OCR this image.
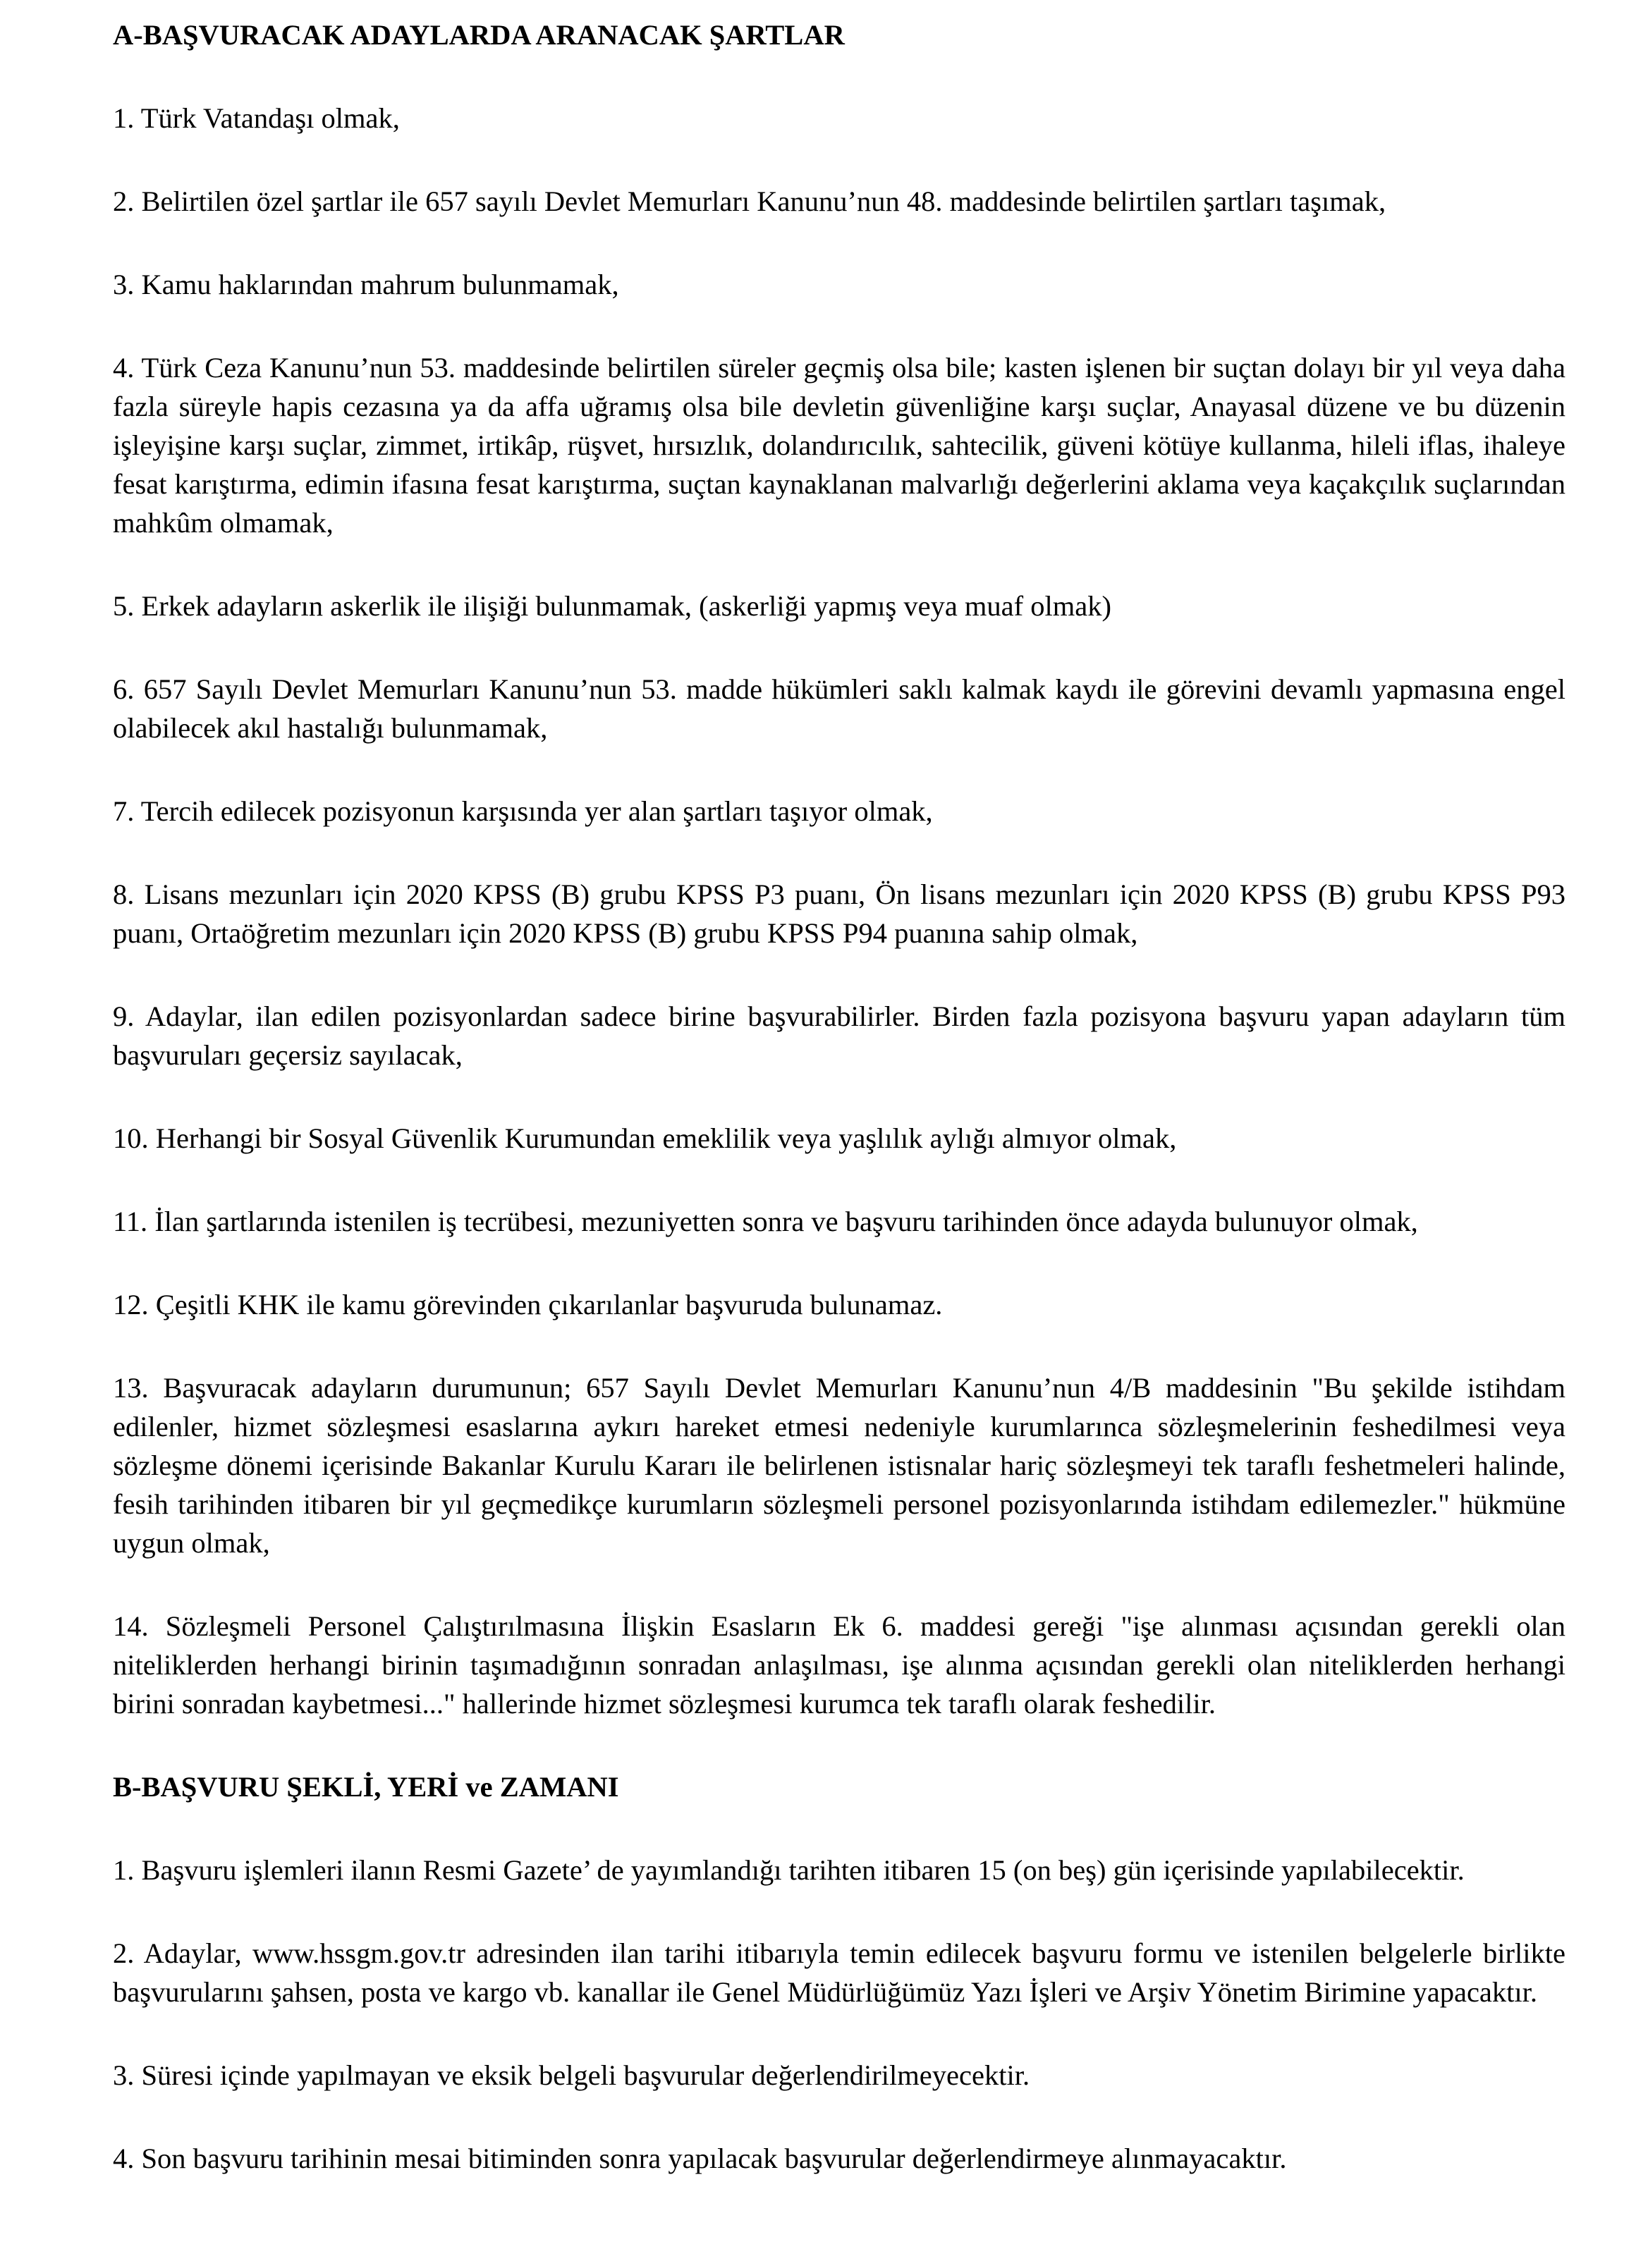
A-BAŞVURACAK ADAYLARDA ARANACAK ŞARTLAR
1. Türk Vatandaşı olmak,
2. Belirtilen özel şartlar ile 657 sayılı Devlet Memurları Kanunu’nun 48. maddesinde belirtilen şartları taşımak,
3. Kamu haklarından mahrum bulunmamak,
4. Türk Ceza Kanunu’nun 53. maddesinde belirtilen süreler geçmiş olsa bile; kasten işlenen bir suçtan dolayı bir yıl veya daha fazla süreyle hapis cezasına ya da affa uğramış olsa bile devletin güvenliğine karşı suçlar, Anayasal düzene ve bu düzenin işleyişine karşı suçlar, zimmet, irtikâp, rüşvet, hırsızlık, dolandırıcılık, sahtecilik, güveni kötüye kullanma, hileli iflas, ihaleye fesat karıştırma, edimin ifasına fesat karıştırma, suçtan kaynaklanan malvarlığı değerlerini aklama veya kaçakçılık suçlarından mahkûm olmamak,
5. Erkek adayların askerlik ile ilişiği bulunmamak, (askerliği yapmış veya muaf olmak)
6. 657 Sayılı Devlet Memurları Kanunu’nun 53. madde hükümleri saklı kalmak kaydı ile görevini devamlı yapmasına engel olabilecek akıl hastalığı bulunmamak,
7. Tercih edilecek pozisyonun karşısında yer alan şartları taşıyor olmak,
8. Lisans mezunları için 2020 KPSS (B) grubu KPSS P3 puanı, Ön lisans mezunları için 2020 KPSS (B) grubu KPSS P93 puanı, Ortaöğretim mezunları için 2020 KPSS (B) grubu KPSS P94 puanına sahip olmak,
9. Adaylar, ilan edilen pozisyonlardan sadece birine başvurabilirler. Birden fazla pozisyona başvuru yapan adayların tüm başvuruları geçersiz sayılacak,
10. Herhangi bir Sosyal Güvenlik Kurumundan emeklilik veya yaşlılık aylığı almıyor olmak,
11. İlan şartlarında istenilen iş tecrübesi, mezuniyetten sonra ve başvuru tarihinden önce adayda bulunuyor olmak,
12. Çeşitli KHK ile kamu görevinden çıkarılanlar başvuruda bulunamaz.
13. Başvuracak adayların durumunun; 657 Sayılı Devlet Memurları Kanunu’nun 4/B maddesinin "Bu şekilde istihdam edilenler, hizmet sözleşmesi esaslarına aykırı hareket etmesi nedeniyle kurumlarınca sözleşmelerinin feshedilmesi veya sözleşme dönemi içerisinde Bakanlar Kurulu Kararı ile belirlenen istisnalar hariç sözleşmeyi tek taraflı feshetmeleri halinde, fesih tarihinden itibaren bir yıl geçmedikçe kurumların sözleşmeli personel pozisyonlarında istihdam edilemezler." hükmüne uygun olmak,
14. Sözleşmeli Personel Çalıştırılmasına İlişkin Esasların Ek 6. maddesi gereği "işe alınması açısından gerekli olan niteliklerden herhangi birinin taşımadığının sonradan anlaşılması, işe alınma açısından gerekli olan niteliklerden herhangi birini sonradan kaybetmesi..." hallerinde hizmet sözleşmesi kurumca tek taraflı olarak feshedilir.
B-BAŞVURU ŞEKLİ, YERİ ve ZAMANI
1. Başvuru işlemleri ilanın Resmi Gazete’ de yayımlandığı tarihten itibaren 15 (on beş) gün içerisinde yapılabilecektir.
2. Adaylar, www.hssgm.gov.tr adresinden ilan tarihi itibarıyla temin edilecek başvuru formu ve istenilen belgelerle birlikte başvurularını şahsen, posta ve kargo vb. kanallar ile Genel Müdürlüğümüz Yazı İşleri ve Arşiv Yönetim Birimine yapacaktır.
3. Süresi içinde yapılmayan ve eksik belgeli başvurular değerlendirilmeyecektir.
4. Son başvuru tarihinin mesai bitiminden sonra yapılacak başvurular değerlendirmeye alınmayacaktır.
